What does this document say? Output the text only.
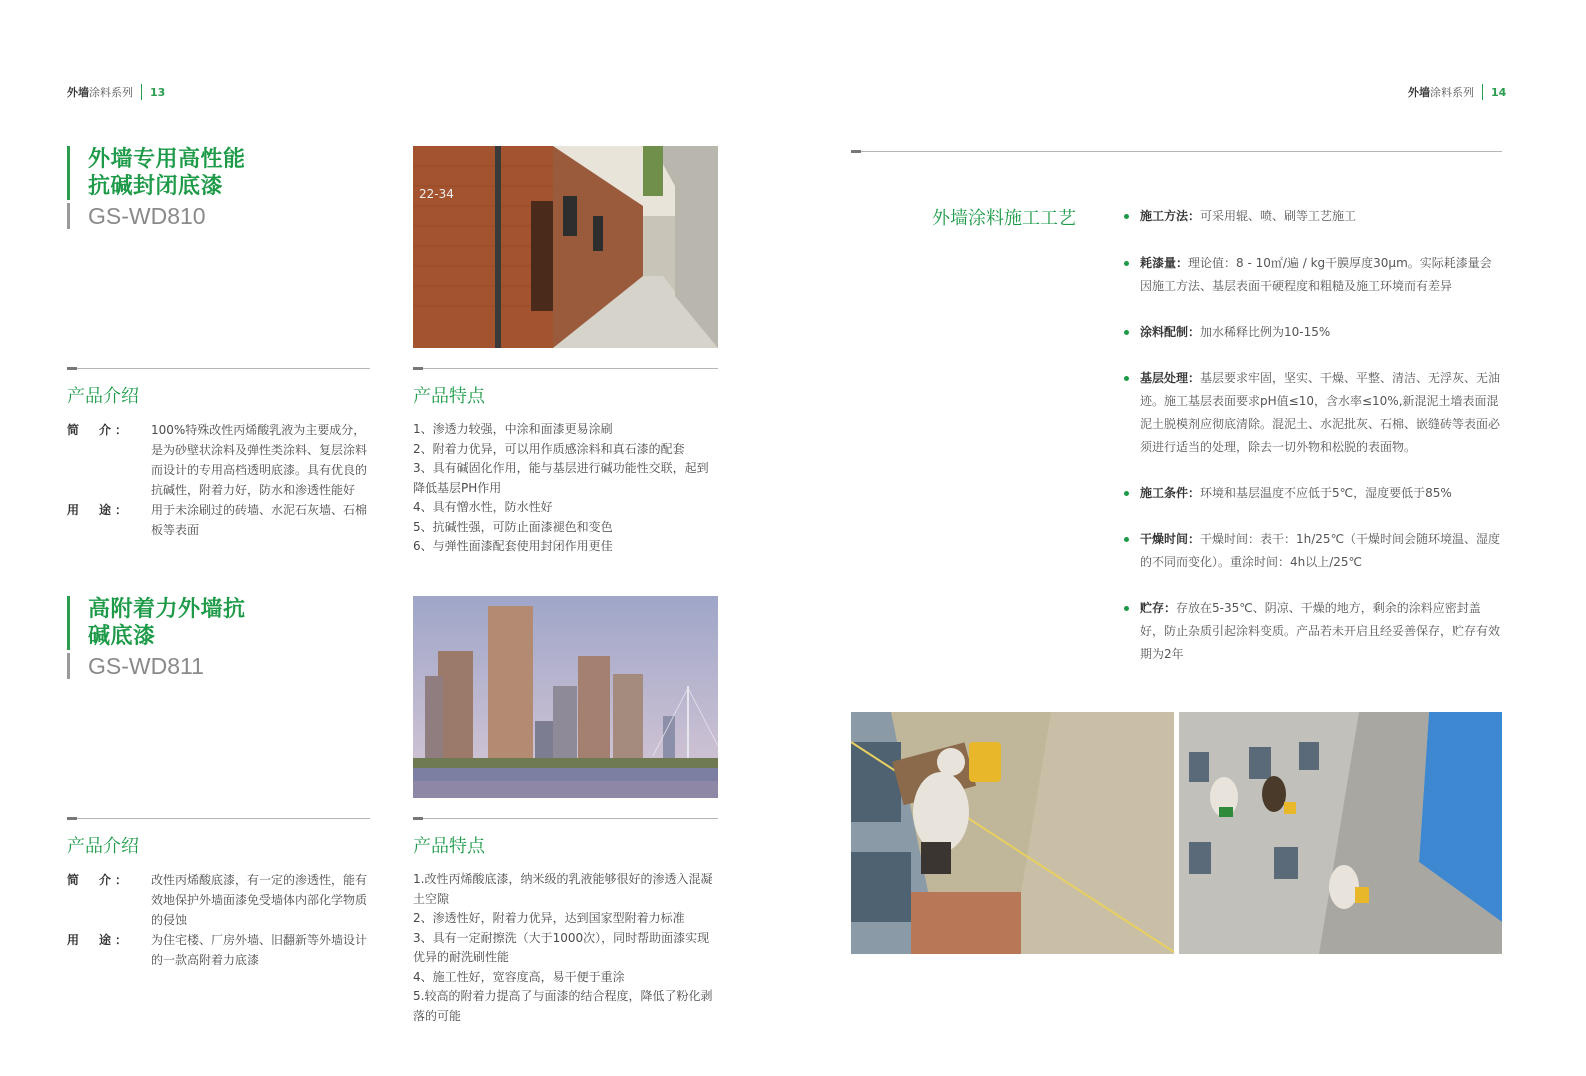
外墙 涂料系列 13
外墙专用高性能
抗碱封闭底漆
GS-WD810
22-34
产品介绍	产品特点
简　介：	100%特殊改性丙烯酸乳液为主要成分，是为砂壁状涂料及弹性类涂料、复层涂料而设计的专用高档透明底漆。具有优良的抗碱性，附着力好，防水和渗透性能好
用　途：	用于未涂刷过的砖墙、水泥石灰墙、石棉板等表面
1、渗透力较强，中涂和面漆更易涂刷
2、附着力优异，可以用作质感涂料和真石漆的配套
3、具有碱固化作用，能与基层进行碱功能性交联，起到降低基层PH作用
4、具有憎水性，防水性好
5、抗碱性强，可防止面漆褪色和变色
6、与弹性面漆配套使用封闭作用更佳
高附着力外墙抗
碱底漆
GS-WD811
产品介绍	产品特点
简　介：	改性丙烯酸底漆，有一定的渗透性，能有效地保护外墙面漆免受墙体内部化学物质的侵蚀
用　途：	为住宅楼、厂房外墙、旧翻新等外墙设计的一款高附着力底漆
1.改性丙烯酸底漆，纳米级的乳液能够很好的渗透入混凝土空隙
2、渗透性好，附着力优异，达到国家型附着力标准
3、具有一定耐擦洗（大于1000次），同时帮助面漆实现优异的耐洗刷性能
4、施工性好，宽容度高，易干便于重涂
5.较高的附着力提高了与面漆的结合程度，降低了粉化剥落的可能
外墙 涂料系列 14
外墙涂料施工工艺	施工方法：可采用辊、喷、刷等工艺施工
耗漆量：理论值：8 - 10㎡/遍 / kg干膜厚度30μm。实际耗漆量会因施工方法、基层表面干硬程度和粗糙及施工环境而有差异
涂料配制：加水稀释比例为10-15%
基层处理：基层要求牢固，坚实、干燥、平整、清洁、无浮灰、无油迹。施工基层表面要求pH值≤10，含水率≤10%,新混泥土墙表面混泥土脱模剂应彻底清除。混泥土、水泥批灰、石棉、嵌缝砖等表面必须进行适当的处理，除去一切外物和松脱的表面物。
施工条件：环境和基层温度不应低于5℃，湿度要低于85%
干燥时间：干燥时间：表干：1h/25℃（干燥时间会随环境温、湿度的不同而变化）。重涂时间：4h以上/25℃
贮存：存放在5-35℃、阴凉、干燥的地方，剩余的涂料应密封盖好，防止杂质引起涂料变质。产品若未开启且经妥善保存，贮存有效期为2年
